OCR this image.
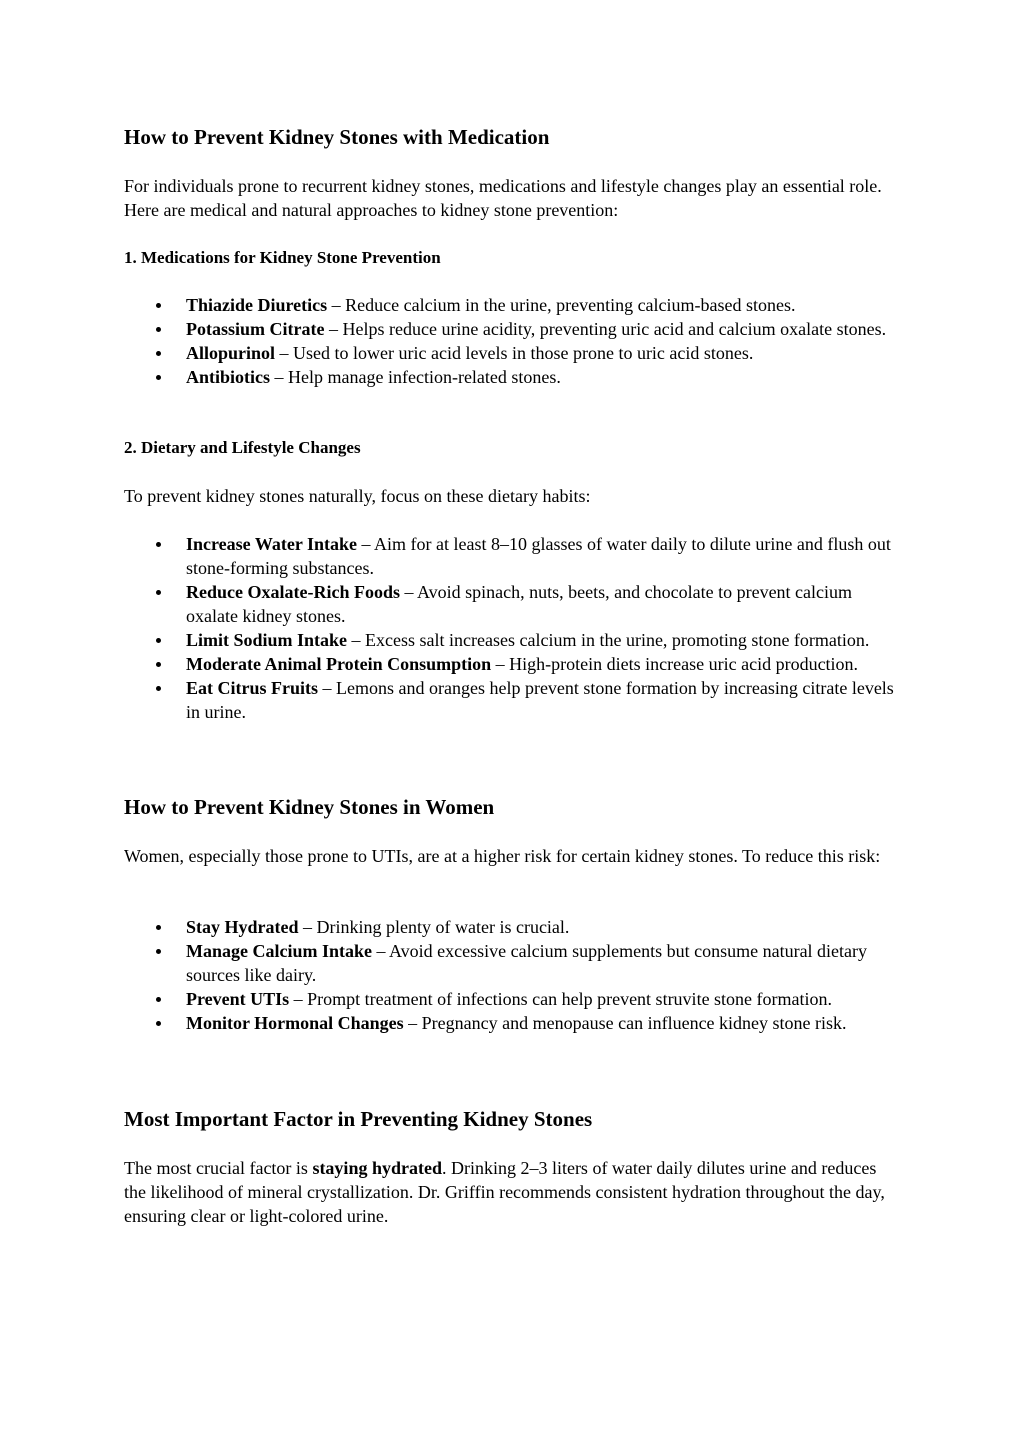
How to Prevent Kidney Stones with Medication

For individuals prone to recurrent kidney stones, medications and lifestyle changes play an essential role. Here are medical and natural approaches to kidney stone prevention:

1. Medications for Kidney Stone Prevention
Thiazide Diuretics – Reduce calcium in the urine, preventing calcium-based stones.
Potassium Citrate – Helps reduce urine acidity, preventing uric acid and calcium oxalate stones.
Allopurinol – Used to lower uric acid levels in those prone to uric acid stones.
Antibiotics – Help manage infection-related stones.
2. Dietary and Lifestyle Changes

To prevent kidney stones naturally, focus on these dietary habits:

Increase Water Intake – Aim for at least 8–10 glasses of water daily to dilute urine and flush out stone-forming substances.
Reduce Oxalate-Rich Foods – Avoid spinach, nuts, beets, and chocolate to prevent calcium oxalate kidney stones.
Limit Sodium Intake – Excess salt increases calcium in the urine, promoting stone formation.
Moderate Animal Protein Consumption – High-protein diets increase uric acid production.
Eat Citrus Fruits – Lemons and oranges help prevent stone formation by increasing citrate levels in urine.
How to Prevent Kidney Stones in Women

Women, especially those prone to UTIs, are at a higher risk for certain kidney stones. To reduce this risk:

Stay Hydrated – Drinking plenty of water is crucial.
Manage Calcium Intake – Avoid excessive calcium supplements but consume natural dietary sources like dairy.
Prevent UTIs – Prompt treatment of infections can help prevent struvite stone formation.
Monitor Hormonal Changes – Pregnancy and menopause can influence kidney stone risk.
Most Important Factor in Preventing Kidney Stones

The most crucial factor is staying hydrated. Drinking 2–3 liters of water daily dilutes urine and reduces the likelihood of mineral crystallization. Dr. Griffin recommends consistent hydration throughout the day, ensuring clear or light-colored urine.
